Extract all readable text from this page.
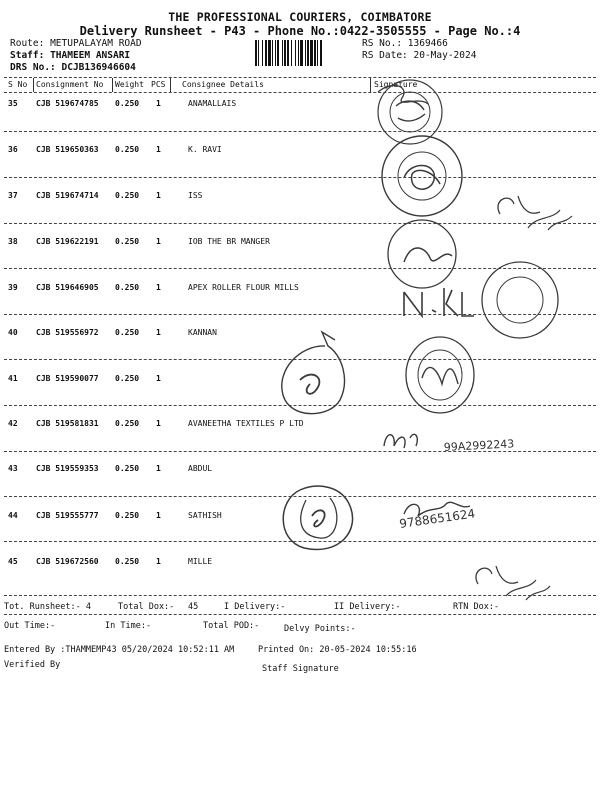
THE PROFESSIONAL COURIERS, COIMBATORE
Delivery Runsheet - P43 - Phone No.:0422-3505555 - Page No.:4
Route: METUPALAYAM ROAD
Staff: THAMEEM ANSARI
DRS No.: DCJB136946604
RS No.: 1369466
RS Date: 20-May-2024
S No Consignment No Weight PCS Consignee Details	Signature
35 CJB 519674785 0.250 1	ANAMALLAIS
36 CJB 519650363 0.250 1	K. RAVI
37 CJB 519674714 0.250 1	ISS
38 CJB 519622191 0.250 1	IOB THE BR MANGER
39 CJB 519646905 0.250 1	APEX ROLLER FLOUR MILLS
40 CJB 519556972 0.250 1	KANNAN
41 CJB 519590077 0.250 1
42 CJB 519581831 0.250 1	AVANEETHA TEXTILES P LTD
43 CJB 519559353 0.250 1	ABDUL
44 CJB 519555777 0.250 1	SATHISH
45 CJB 519672560 0.250 1	MILLE
Tot. Runsheet:- 4	Total Dox:- 45	I Delivery:-	II Delivery:-	RTN Dox:-
Out Time:-	In Time:-	Total POD:-	Delvy Points:-
Entered By :THAMMEMP43 05/20/2024 10:52:11 AM	Printed On: 20-05-2024 10:55:16
Verified By	Staff Signature
99A2992243
9788651624
